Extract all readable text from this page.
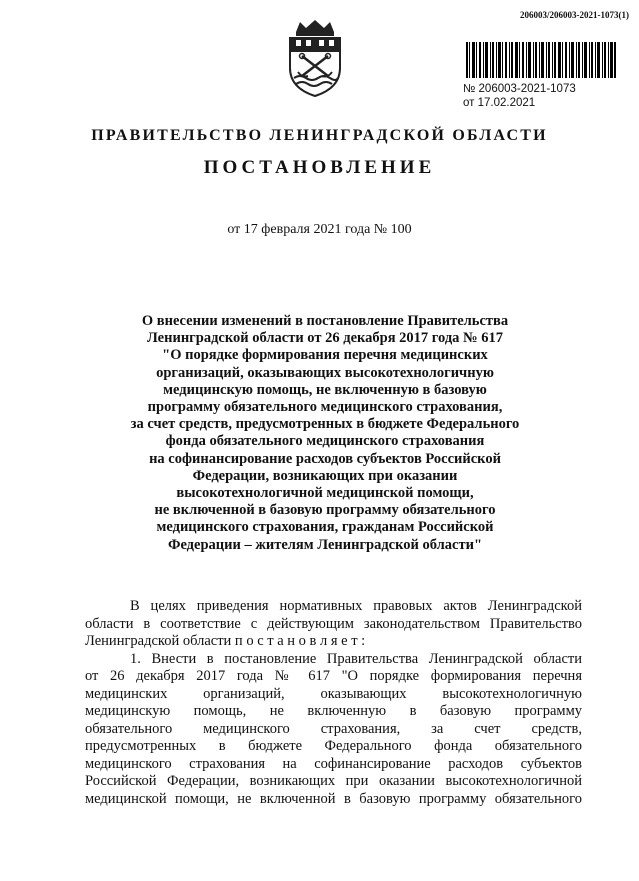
206003/206003-2021-1073(1)
№ 206003-2021-1073
от 17.02.2021
ПРАВИТЕЛЬСТВО ЛЕНИНГРАДСКОЙ ОБЛАСТИ
ПОСТАНОВЛЕНИЕ
от 17 февраля 2021 года № 100
О внесении изменений в постановление Правительства
Ленинградской области от 26 декабря 2017 года № 617
"О порядке формирования перечня медицинских
организаций, оказывающих высокотехнологичную
медицинскую помощь, не включенную в базовую
программу обязательного медицинского страхования,
за счет средств, предусмотренных в бюджете Федерального
фонда обязательного медицинского страхования
на софинансирование расходов субъектов Российской
Федерации, возникающих при оказании
высокотехнологичной медицинской помощи,
не включенной в базовую программу обязательного
медицинского страхования, гражданам Российской
Федерации – жителям Ленинградской области"
В целях приведения нормативных правовых актов Ленинградской
области в соответствие с действующим законодательством Правительство
Ленинградской области п о с т а н о в л я е т :
1. Внести в постановление Правительства Ленинградской области
от 26 декабря 2017 года № 617 "О порядке формирования перечня
медицинских организаций, оказывающих высокотехнологичную
медицинскую помощь, не включенную в базовую программу
обязательного медицинского страхования, за счет средств,
предусмотренных в бюджете Федерального фонда обязательного
медицинского страхования на софинансирование расходов субъектов
Российской Федерации, возникающих при оказании высокотехнологичной
медицинской помощи, не включенной в базовую программу обязательного
